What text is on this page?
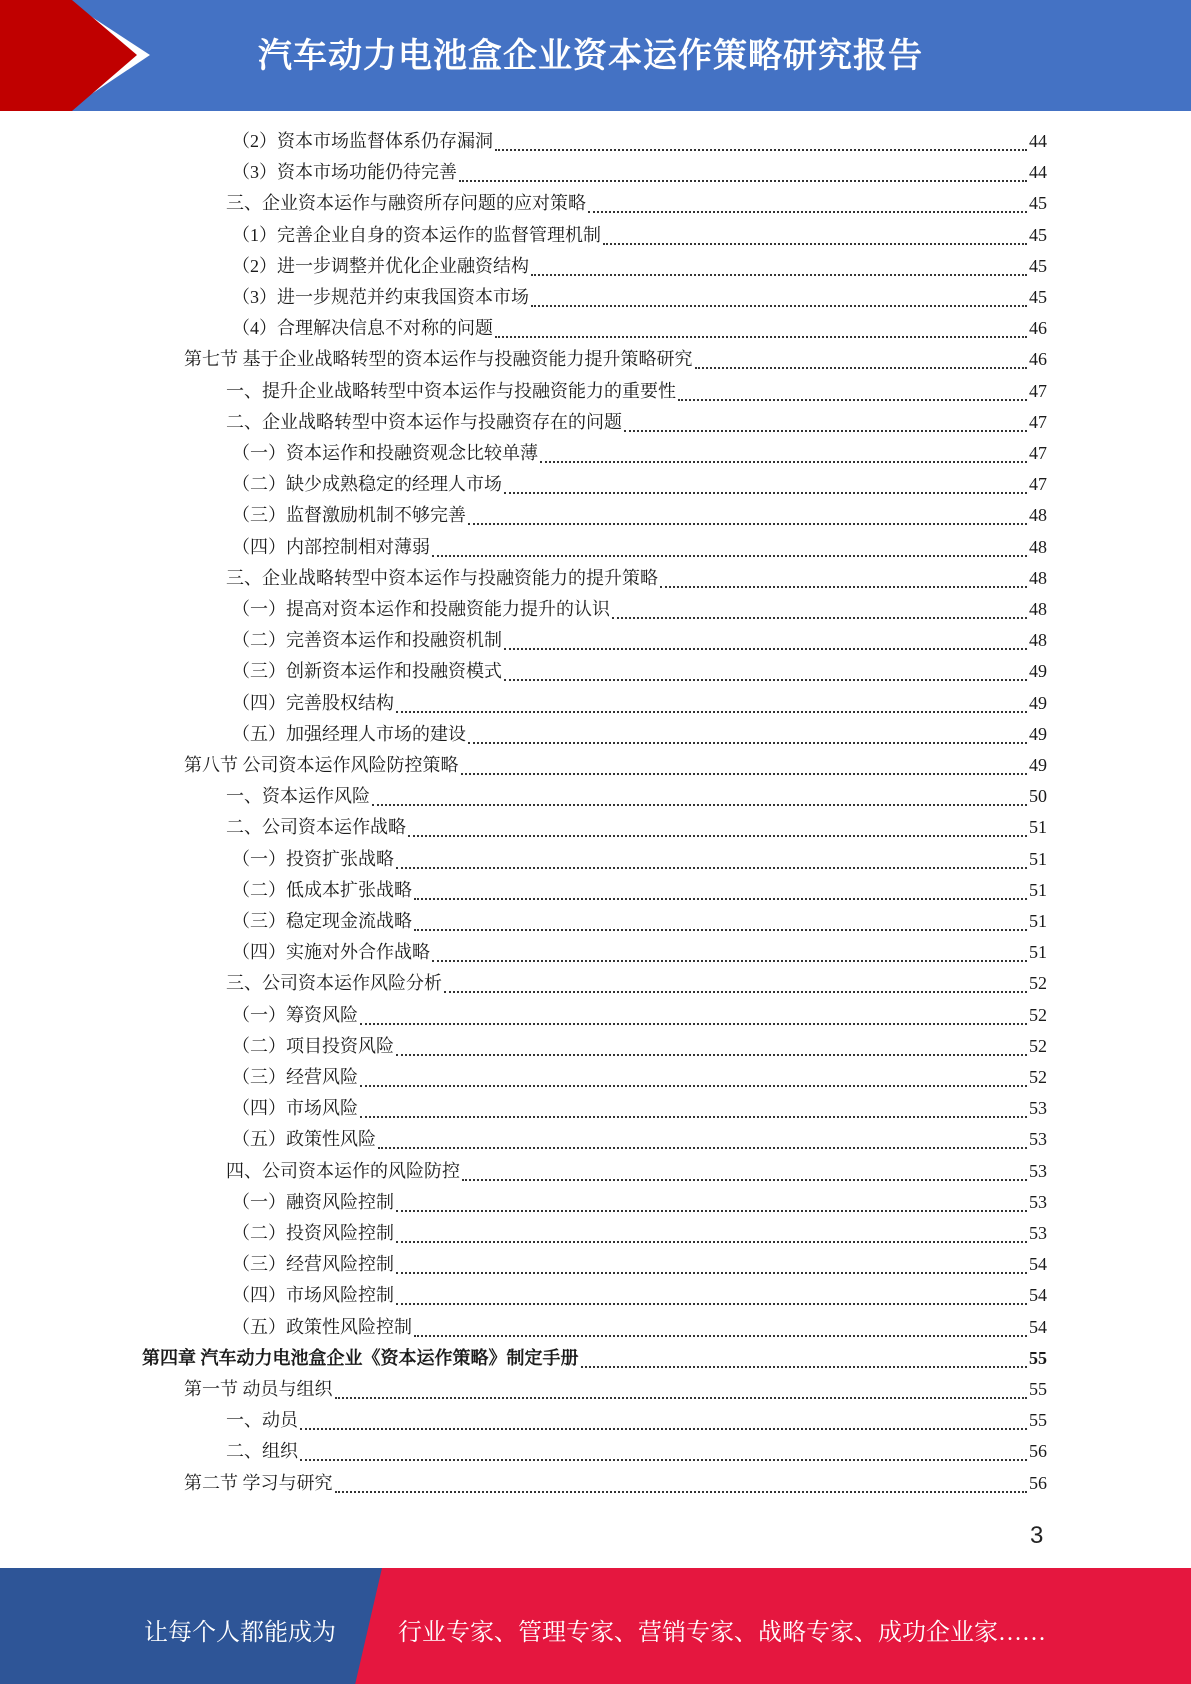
汽车动力电池盒企业资本运作策略研究报告
（2）资本市场监督体系仍存漏洞	44
（3）资本市场功能仍待完善	44
三、企业资本运作与融资所存问题的应对策略	45
（1）完善企业自身的资本运作的监督管理机制	45
（2）进一步调整并优化企业融资结构	45
（3）进一步规范并约束我国资本市场	45
（4）合理解决信息不对称的问题	46
第七节 基于企业战略转型的资本运作与投融资能力提升策略研究	46
一、提升企业战略转型中资本运作与投融资能力的重要性	47
二、企业战略转型中资本运作与投融资存在的问题	47
（一）资本运作和投融资观念比较单薄	47
（二）缺少成熟稳定的经理人市场	47
（三）监督激励机制不够完善	48
（四）内部控制相对薄弱	48
三、企业战略转型中资本运作与投融资能力的提升策略	48
（一）提高对资本运作和投融资能力提升的认识	48
（二）完善资本运作和投融资机制	48
（三）创新资本运作和投融资模式	49
（四）完善股权结构	49
（五）加强经理人市场的建设	49
第八节 公司资本运作风险防控策略	49
一、资本运作风险	50
二、公司资本运作战略	51
（一）投资扩张战略	51
（二）低成本扩张战略	51
（三）稳定现金流战略	51
（四）实施对外合作战略	51
三、公司资本运作风险分析	52
（一）筹资风险	52
（二）项目投资风险	52
（三）经营风险	52
（四）市场风险	53
（五）政策性风险	53
四、公司资本运作的风险防控	53
（一）融资风险控制	53
（二）投资风险控制	53
（三）经营风险控制	54
（四）市场风险控制	54
（五）政策性风险控制	54
第四章 汽车动力电池盒企业《资本运作策略》制定手册	55
第一节 动员与组织	55
一、动员	55
二、组织	56
第二节 学习与研究	56
3
让每个人都能成为	行业专家、管理专家、营销专家、战略专家、成功企业家……
